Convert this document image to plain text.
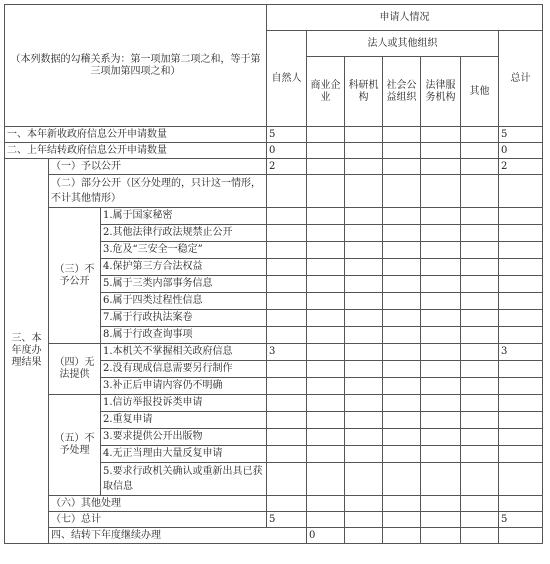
（本列数据的勾稽关系为：第一项加第二项之和，等于第三项加第四项之和）			申请人情况							
			自然人	法人或其他组织					总计	
				商业企业	科研机构	社会公益组织	法律服务机构	其他		
一、本年新收政府信息公开申请数量			5						5	
二、上年结转政府信息公开申请数量			0						0	
三、本年度办理结果	（一）予以公开		2						2	
	（二）部分公开（区分处理的，只计这一情形，不计其他情形）									
	（三）不予公开	1.属于国家秘密								
		2.其他法律行政法规禁止公开								
		3.危及“三安全一稳定”								
		4.保护第三方合法权益								
		5.属于三类内部事务信息								
		6.属于四类过程性信息								
		7.属于行政执法案卷								
		8.属于行政查询事项								
	（四）无法提供	1.本机关不掌握相关政府信息	3						3	
		2.没有现成信息需要另行制作								
		3.补正后申请内容仍不明确								
	（五）不予处理	1.信访举报投诉类申请								
		2.重复申请								
		3.要求提供公开出版物								
		4.无正当理由大量反复申请								
		5.要求行政机关确认或重新出具已获取信息								
	（六）其他处理									
	（七）总计		5						5	
	四、结转下年度继续办理			0						
